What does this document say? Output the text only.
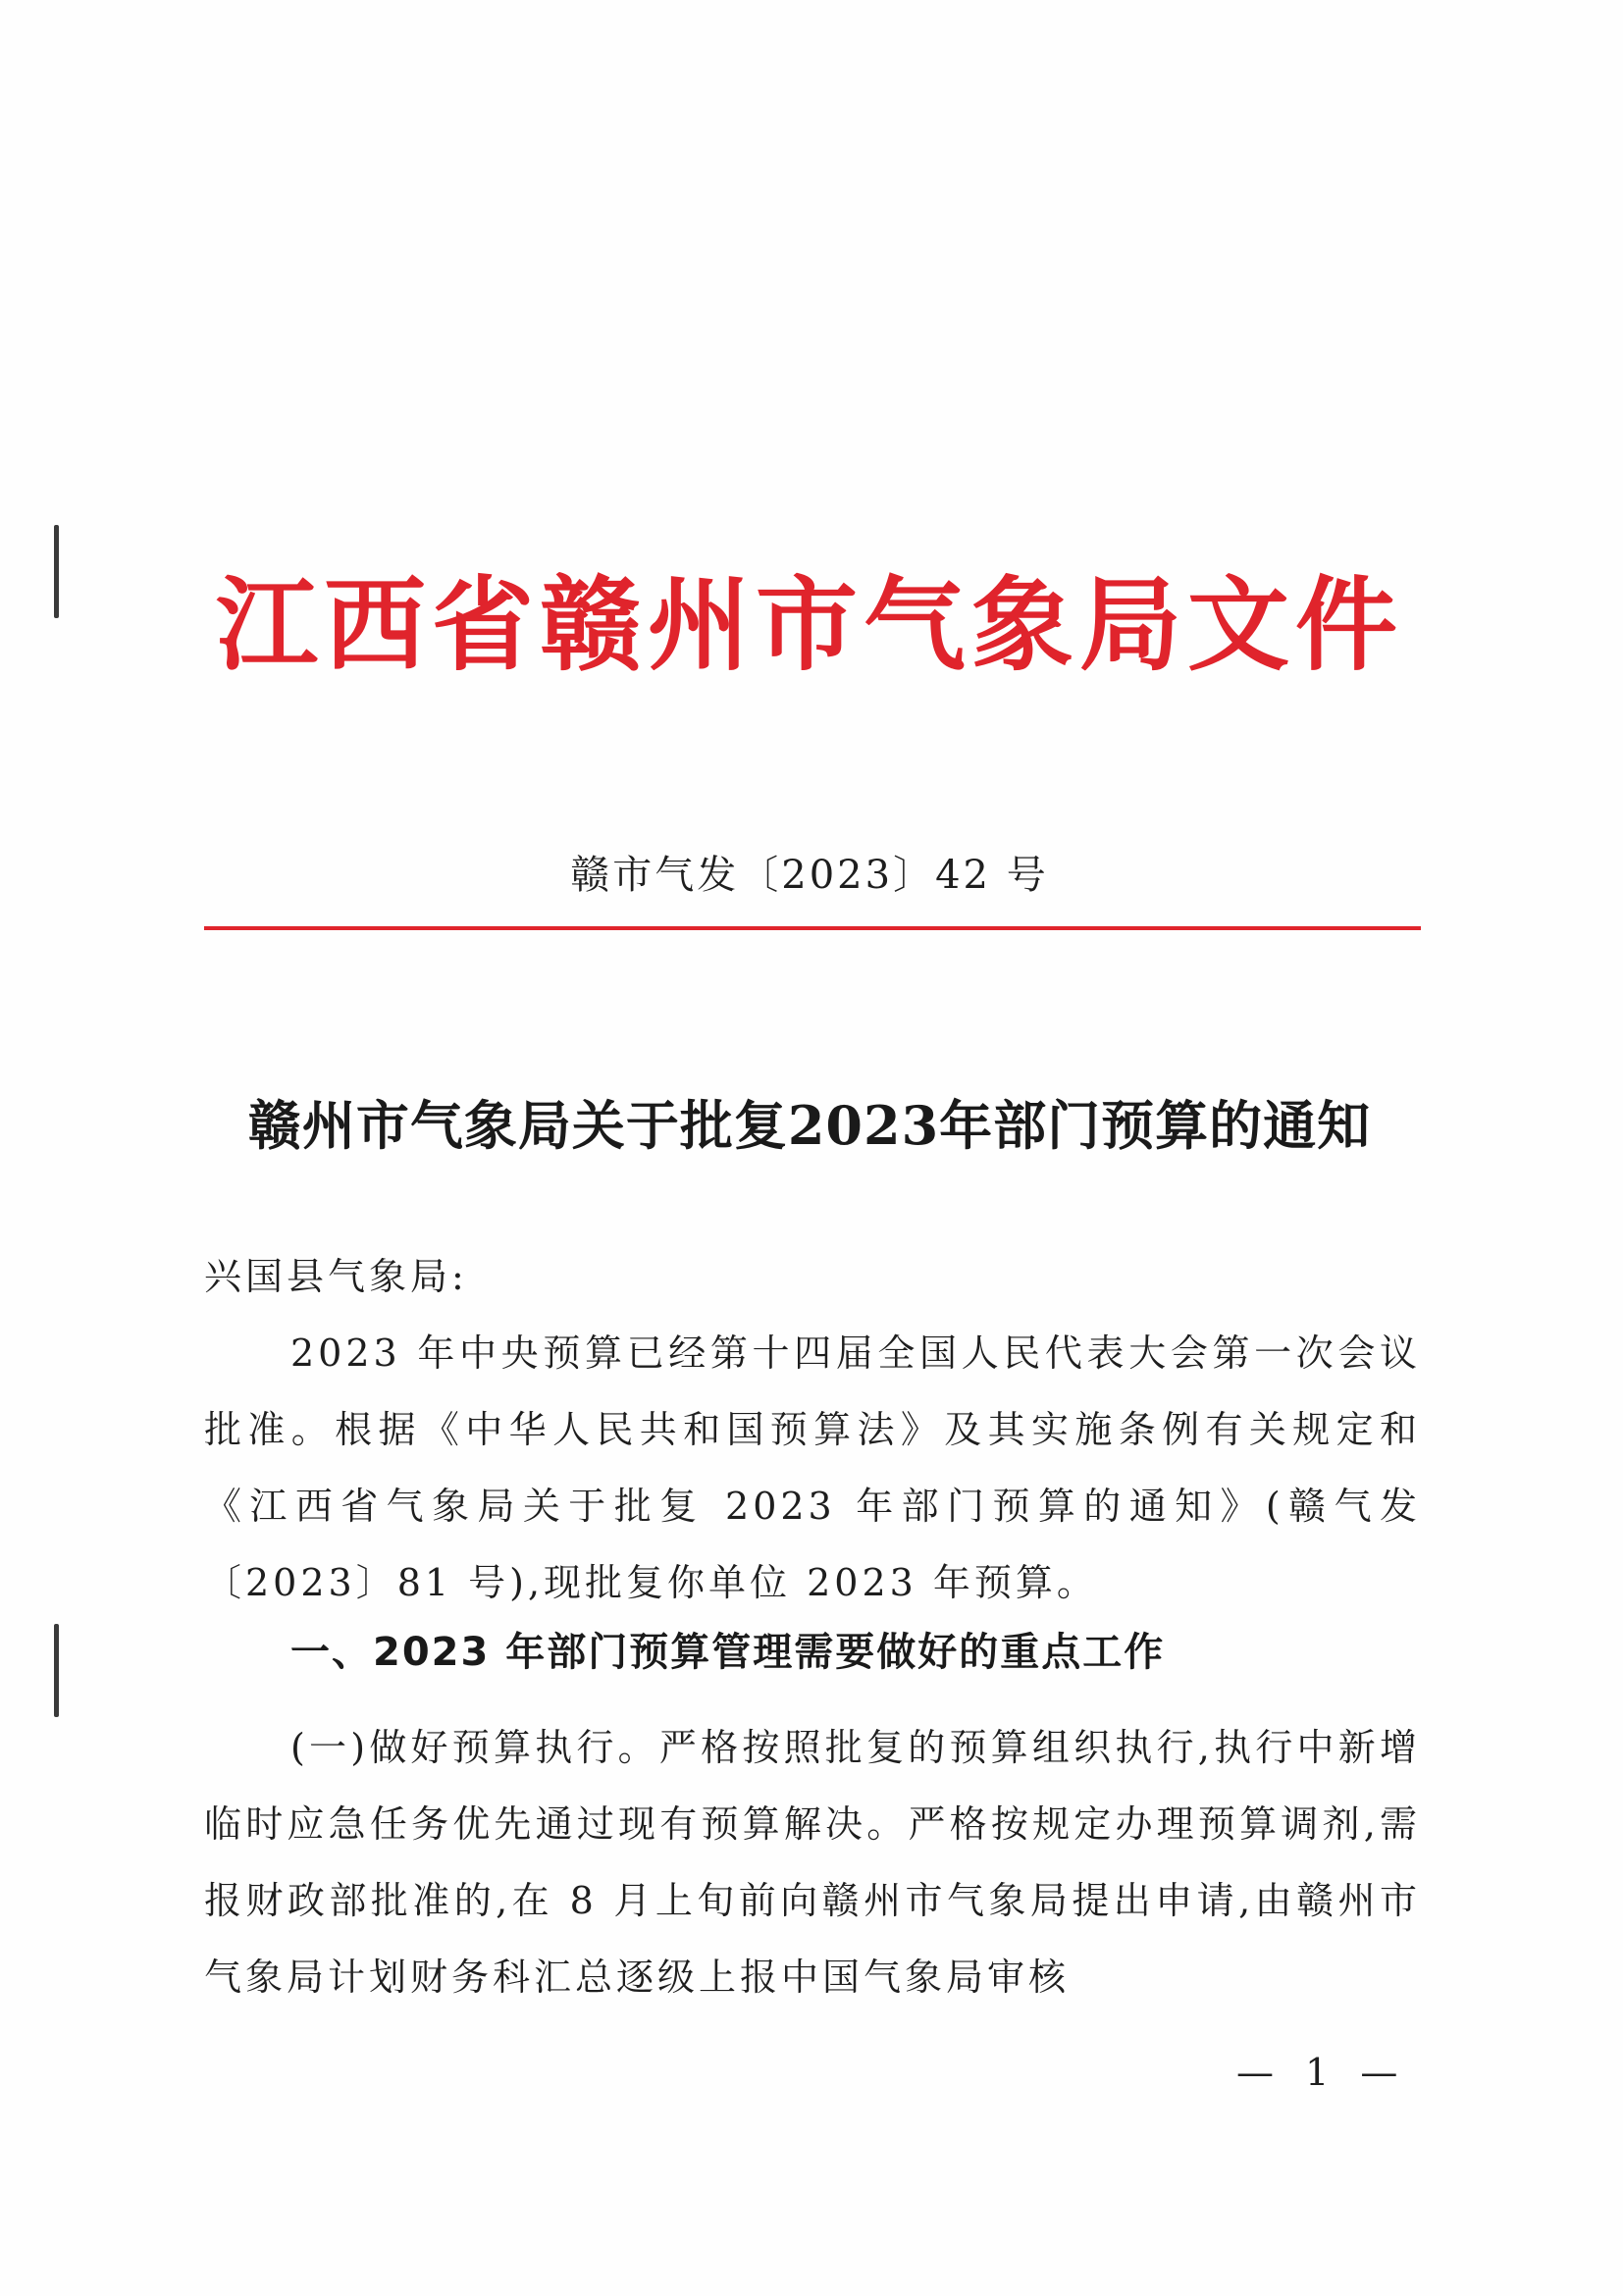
江西省赣州市气象局文件
赣市气发〔2023〕42 号
赣州市气象局关于批复2023年部门预算的通知
兴国县气象局:
2023 年中央预算已经第十四届全国人民代表大会第一次会议批准。根据《中华人民共和国预算法》及其实施条例有关规定和《江西省气象局关于批复 2023 年部门预算的通知》(赣气发〔2023〕81 号),现批复你单位 2023 年预算。
一、2023 年部门预算管理需要做好的重点工作
(一)做好预算执行。严格按照批复的预算组织执行,执行中新增临时应急任务优先通过现有预算解决。严格按规定办理预算调剂,需报财政部批准的,在 8 月上旬前向赣州市气象局提出申请,由赣州市气象局计划财务科汇总逐级上报中国气象局审核
— 1 —
